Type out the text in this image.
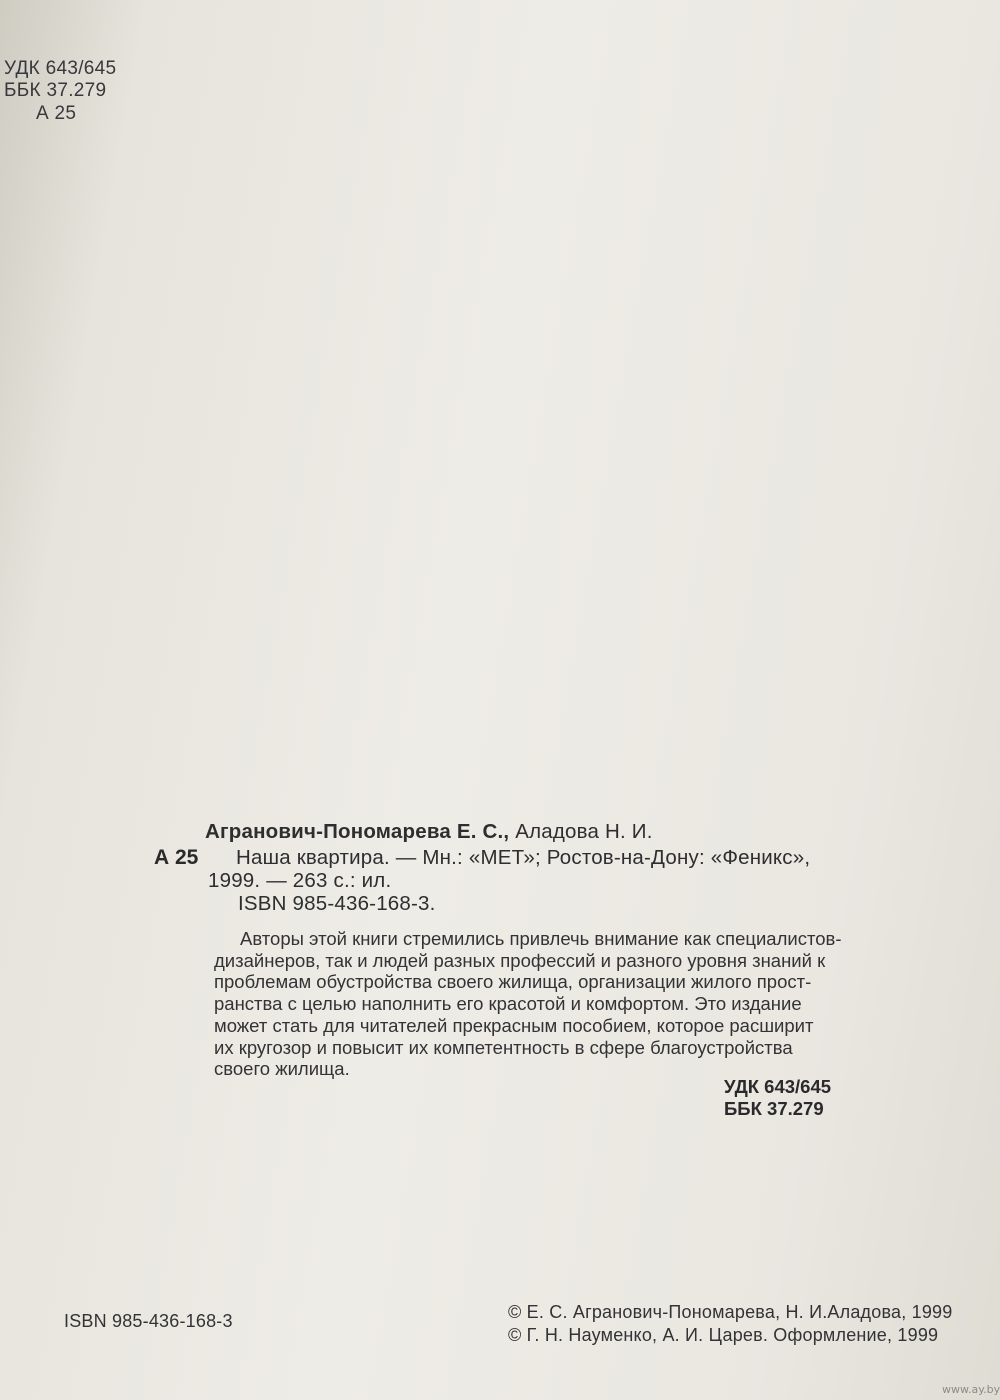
УДК 643/645
ББК 37.279
А 25
Агранович-Пономарева Е. С., Аладова Н. И.
А 25 Наша квартира. — Мн.: «МЕТ»; Ростов-на-Дону: «Феникс»,
1999. — 263 с.: ил.
ISBN 985-436-168-3.
Авторы этой книги стремились привлечь внимание как специалистов-
дизайнеров, так и людей разных профессий и разного уровня знаний к
проблемам обустройства своего жилища, организации жилого прост-
ранства с целью наполнить его красотой и комфортом. Это издание
может стать для читателей прекрасным пособием, которое расширит
их кругозор и повысит их компетентность в сфере благоустройства
своего жилища.
УДК 643/645
ББК 37.279
ISBN 985-436-168-3	© Е. С. Агранович-Пономарева, Н. И.Аладова, 1999
© Г. Н. Науменко, А. И. Царев. Оформление, 1999
www.ay.by
